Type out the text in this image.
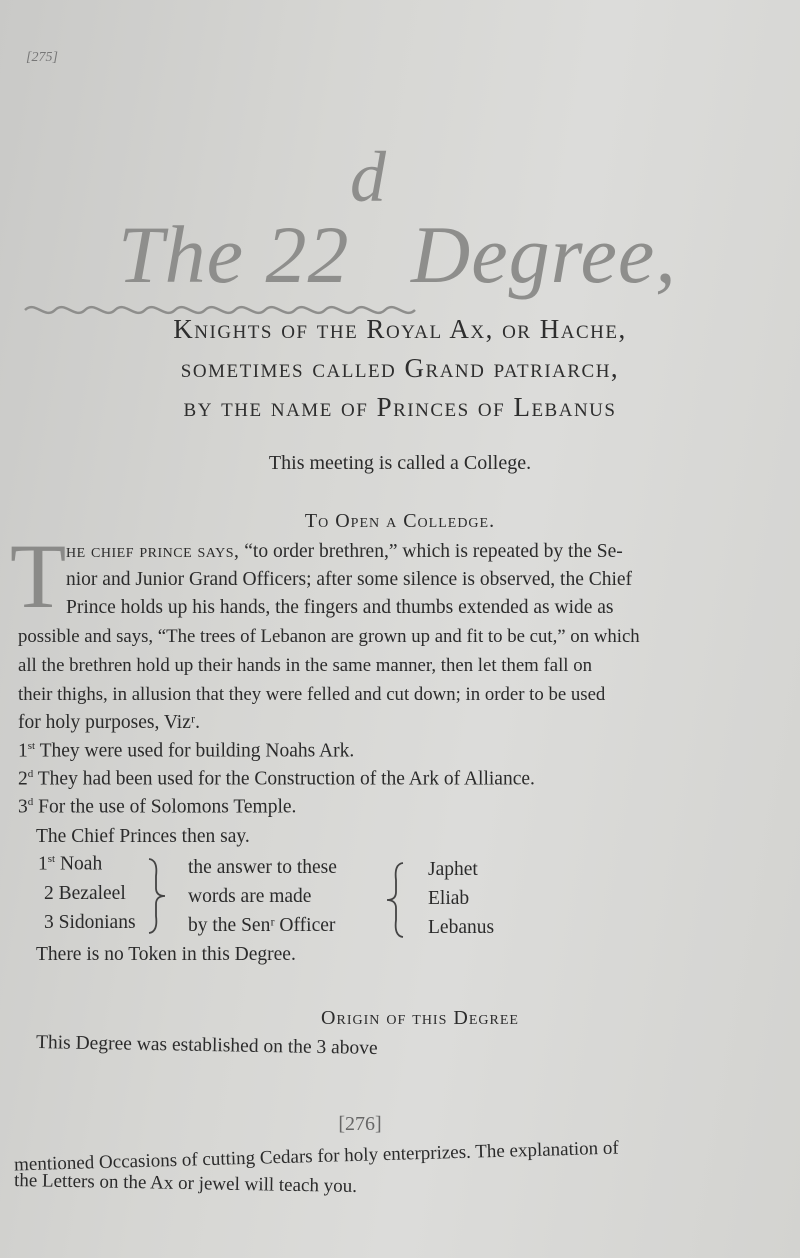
[275]
The 22
d
Degree,
Knights of the Royal Ax, or Hache,
sometimes called Grand patriarch,
by the name of Princes of Lebanus
This meeting is called a College.
To Open a Colledge.
T he chief prince says, “to order brethren,” which is repeated by the Se-
nior and Junior Grand Officers; after some silence is observed, the Chief
Prince holds up his hands, the fingers and thumbs extended as wide as
possible and says, “The trees of Lebanon are grown up and fit to be cut,” on which
all the brethren hold up their hands in the same manner, then let them fall on
their thighs, in allusion that they were felled and cut down; in order to be used
for holy purposes, Vizʳ.
1st They were used for building Noahs Ark.
2$^d$ They had been used for the Construction of the Ark of Alliance.
3$^d$ For the use of Solomons Temple.
The Chief Princes then say.
1st Noah
2 Bezaleel
3 Sidonians
the answer to these
words are made
by the Senʳ Officer
Japhet
Eliab
Lebanus
There is no Token in this Degree.
Origin of this Degree
This Degree was established on the 3 above
[276]
mentioned Occasions of cutting Cedars for holy enterprizes. The explanation of
the Letters on the Ax or jewel will teach you.
